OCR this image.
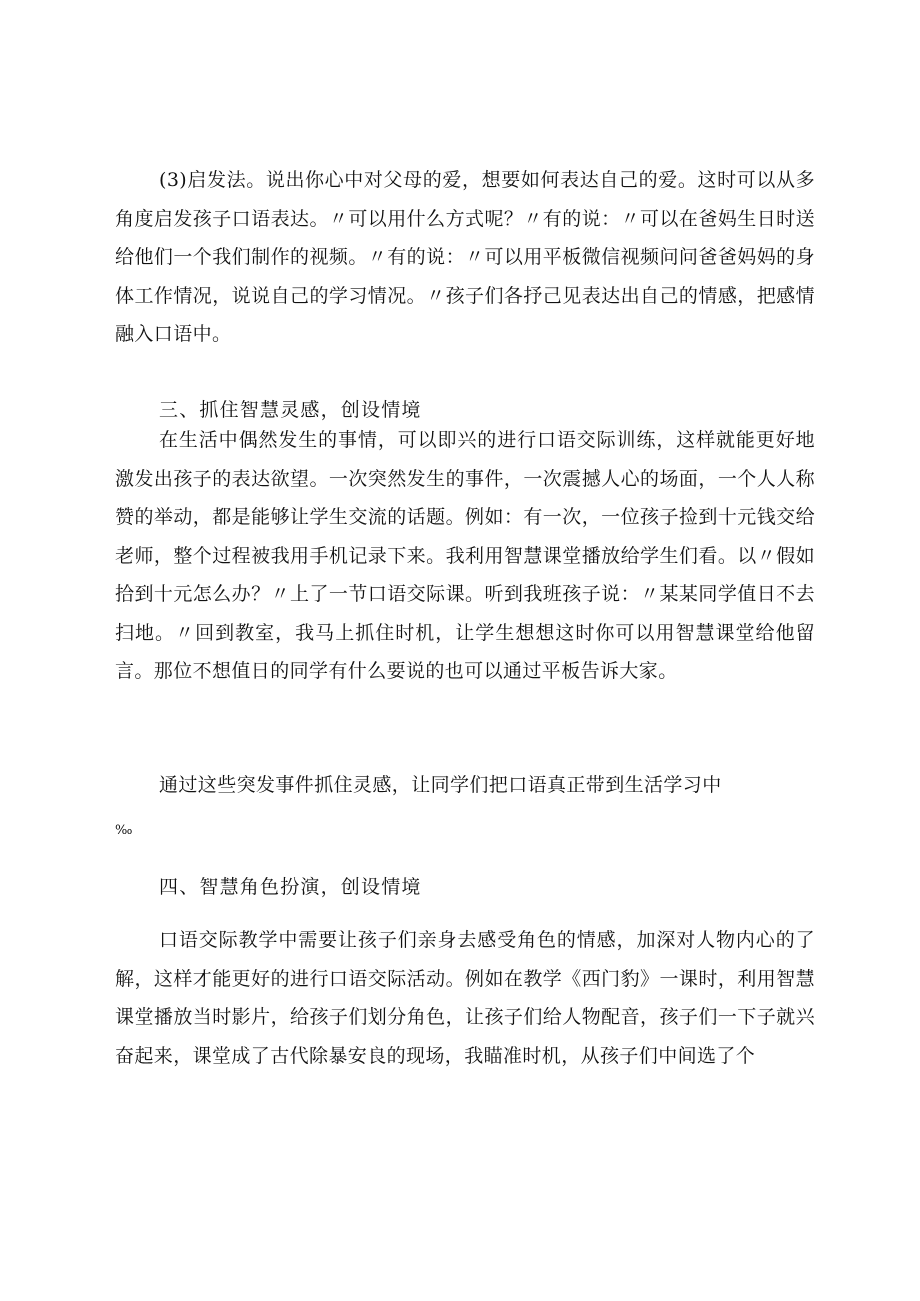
(3)启发法。说出你心中对父母的爱，想要如何表达自己的爱。这时可以从多角度启发孩子口语表达。〃可以用什么方式呢？〃有的说：〃可以在爸妈生日时送给他们一个我们制作的视频。〃有的说：〃可以用平板微信视频问问爸爸妈妈的身体工作情况，说说自己的学习情况。〃孩子们各抒己见表达出自己的情感，把感情融入口语中。

三、抓住智慧灵感，创设情境

在生活中偶然发生的事情，可以即兴的进行口语交际训练，这样就能更好地激发出孩子的表达欲望。一次突然发生的事件，一次震撼人心的场面，一个人人称赞的举动，都是能够让学生交流的话题。例如：有一次，一位孩子捡到十元钱交给老师，整个过程被我用手机记录下来。我利用智慧课堂播放给学生们看。以〃假如拾到十元怎么办？〃上了一节口语交际课。听到我班孩子说：〃某某同学值日不去扫地。〃回到教室，我马上抓住时机，让学生想想这时你可以用智慧课堂给他留言。那位不想值日的同学有什么要说的也可以通过平板告诉大家。

通过这些突发事件抓住灵感，让同学们把口语真正带到生活学习中

‰

四、智慧角色扮演，创设情境

口语交际教学中需要让孩子们亲身去感受角色的情感，加深对人物内心的了解，这样才能更好的进行口语交际活动。例如在教学《西门豹》一课时，利用智慧课堂播放当时影片，给孩子们划分角色，让孩子们给人物配音，孩子们一下子就兴奋起来，课堂成了古代除暴安良的现场，我瞄准时机，从孩子们中间选了个
